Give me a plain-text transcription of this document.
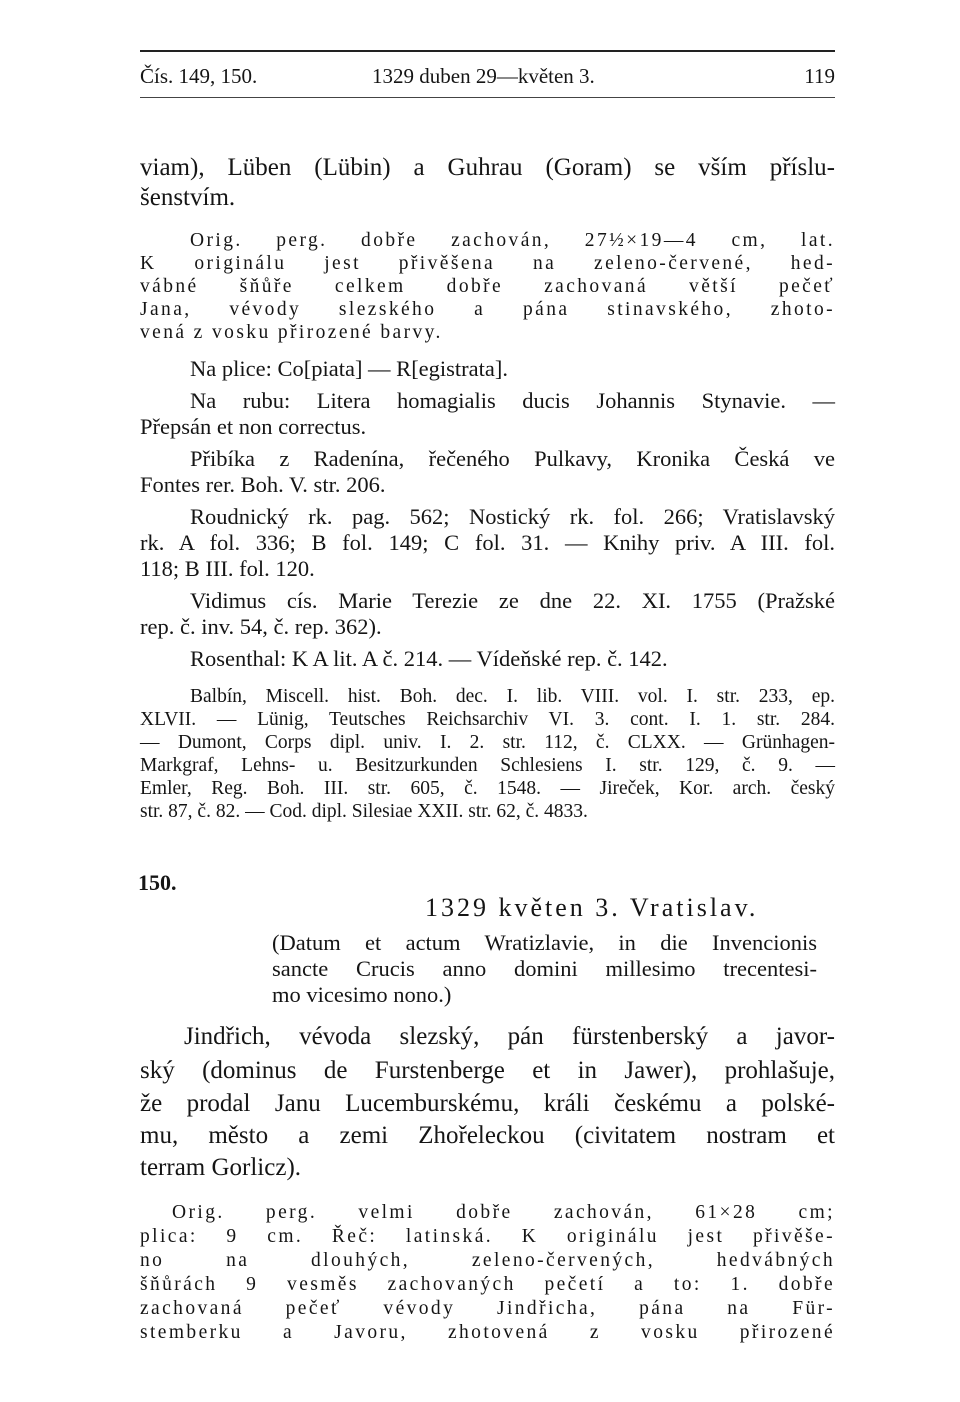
Čís. 149, 150.	1329 duben 29—květen 3.	119
viam), Lüben (Lübin) a Guhrau (Goram) se vším příslu-
šenstvím.
Orig. perg. dobře zachován, 27½×19—4 cm, lat.
K originálu jest přivěšena na zeleno-červené, hed-
vábné šňůře celkem dobře zachovaná větší pečeť
Jana, vévody slezského a pána stinavského, zhoto-
vená z vosku přirozené barvy.
Na plice: Co[piata] — R[egistrata].
Na rubu: Litera homagialis ducis Johannis Stynavie. —
Přepsán et non correctus.
Přibíka z Radenína, řečeného Pulkavy, Kronika Česká ve
Fontes rer. Boh. V. str. 206.
Roudnický rk. pag. 562; Nostický rk. fol. 266; Vratislavský
rk. A fol. 336; B fol. 149; C fol. 31. — Knihy priv. A III. fol.
118; B III. fol. 120.
Vidimus cís. Marie Terezie ze dne 22. XI. 1755 (Pražské
rep. č. inv. 54, č. rep. 362).
Rosenthal: K A lit. A č. 214. — Vídeňské rep. č. 142.
Balbín, Miscell. hist. Boh. dec. I. lib. VIII. vol. I. str. 233, ep.
XLVII. — Lünig, Teutsches Reichsarchiv VI. 3. cont. I. 1. str. 284.
— Dumont, Corps dipl. univ. I. 2. str. 112, č. CLXX. — Grünhagen-
Markgraf, Lehns- u. Besitzurkunden Schlesiens I. str. 129, č. 9. —
Emler, Reg. Boh. III. str. 605, č. 1548. — Jireček, Kor. arch. český
str. 87, č. 82. — Cod. dipl. Silesiae XXII. str. 62, č. 4833.
150.
1329 květen 3. Vratislav.
(Datum et actum Wratizlavie, in die Invencionis
sancte Crucis anno domini millesimo trecentesi-
mo vicesimo nono.)
Jindřich, vévoda slezský, pán fürstenberský a javor-
ský (dominus de Furstenberge et in Jawer), prohlašuje,
že prodal Janu Lucemburskému, králi českému a polské-
mu, město a zemi Zhořeleckou (civitatem nostram et
terram Gorlicz).
Orig. perg. velmi dobře zachován, 61×28 cm;
plica: 9 cm. Řeč: latinská. K originálu jest přivěše-
no na dlouhých, zeleno-červených, hedvábných
šňůrách 9 vesměs zachovaných pečetí a to: 1. dobře
zachovaná pečeť vévody Jindřicha, pána na Für-
stemberku a Javoru, zhotovená z vosku přirozené
